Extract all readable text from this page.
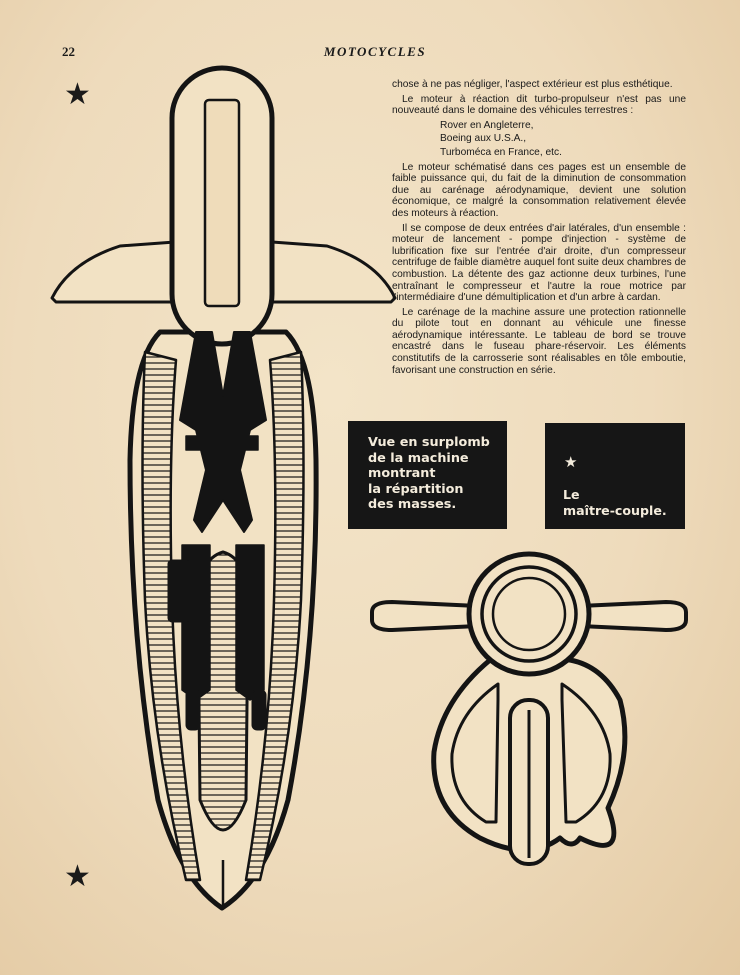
22	MOTOCYCLES
★
★

chose à ne pas négliger, l'aspect extérieur est plus esthétique.

Le moteur à réaction dit turbo-propulseur n'est pas une nouveauté dans le domaine des véhicules terrestres :

Rover en Angleterre,
Boeing aux U.S.A.,
Turboméca en France, etc.

Le moteur schématisé dans ces pages est un ensemble de faible puissance qui, du fait de la diminution de consommation due au carénage aérodynamique, devient une solution économique, ce malgré la consommation relativement élevée des moteurs à réaction.

Il se compose de deux entrées d'air latérales, d'un ensemble : moteur de lancement - pompe d'injection - système de lubrification fixe sur l'entrée d'air droite, d'un compresseur centrifuge de faible diamètre auquel font suite deux chambres de combustion. La détente des gaz actionne deux turbines, l'une entraînant le compresseur et l'autre la roue motrice par l'intermédiaire d'une démultiplication et d'un arbre à cardan.

Le carénage de la machine assure une protection rationnelle du pilote tout en donnant au véhicule une finesse aérodynamique intéressante. Le tableau de bord se trouve encastré dans le fuseau phare-réservoir. Les éléments constitutifs de la carrosserie sont réalisables en tôle emboutie, favorisant une construction en série.

Vue en surplomb
de la machine
montrant
la répartition
des masses.
★
Le
maître-couple.
